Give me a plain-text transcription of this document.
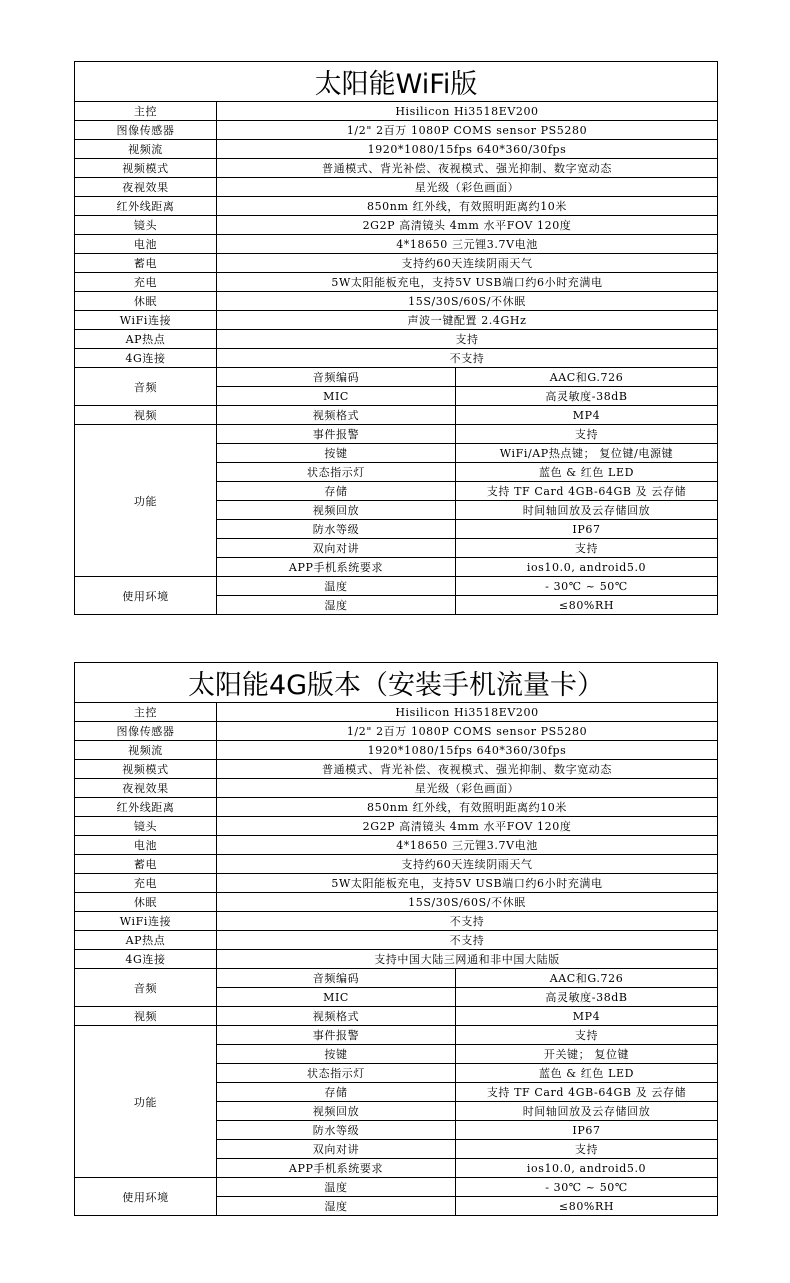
太阳能WiFi版		
主控	Hisilicon Hi3518EV200	
图像传感器	1/2" 2百万 1080P COMS sensor PS5280	
视频流	1920*1080/15fps 640*360/30fps	
视频模式	普通模式、背光补偿、夜视模式、强光抑制、数字宽动态	
夜视效果	星光级（彩色画面）	
红外线距离	850nm 红外线，有效照明距离约10米	
镜头	2G2P 高清镜头 4mm 水平FOV 120度	
电池	4*18650 三元锂3.7V电池	
蓄电	支持约60天连续阴雨天气	
充电	5W太阳能板充电，支持5V USB端口约6小时充满电	
休眠	15S/30S/60S/不休眠	
WiFi连接	声波一键配置 2.4GHz	
AP热点	支持	
4G连接	不支持	
音频	音频编码	AAC和G.726
	MIC	高灵敏度-38dB
视频	视频格式	MP4
功能	事件报警	支持
	按键	WiFi/AP热点键； 复位键/电源键
	状态指示灯	蓝色 & 红色 LED
	存储	支持 TF Card 4GB-64GB 及 云存储
	视频回放	时间轴回放及云存储回放
	防水等级	IP67
	双向对讲	支持
	APP手机系统要求	ios10.0, android5.0
使用环境	温度	- 30℃ ~ 50℃
	湿度	≤80%RH
太阳能4G版本（安装手机流量卡）		
主控	Hisilicon Hi3518EV200	
图像传感器	1/2" 2百万 1080P COMS sensor PS5280	
视频流	1920*1080/15fps 640*360/30fps	
视频模式	普通模式、背光补偿、夜视模式、强光抑制、数字宽动态	
夜视效果	星光级（彩色画面）	
红外线距离	850nm 红外线，有效照明距离约10米	
镜头	2G2P 高清镜头 4mm 水平FOV 120度	
电池	4*18650 三元锂3.7V电池	
蓄电	支持约60天连续阴雨天气	
充电	5W太阳能板充电，支持5V USB端口约6小时充满电	
休眠	15S/30S/60S/不休眠	
WiFi连接	不支持	
AP热点	不支持	
4G连接	支持中国大陆三网通和非中国大陆版	
音频	音频编码	AAC和G.726
	MIC	高灵敏度-38dB
视频	视频格式	MP4
功能	事件报警	支持
	按键	开关键； 复位键
	状态指示灯	蓝色 & 红色 LED
	存储	支持 TF Card 4GB-64GB 及 云存储
	视频回放	时间轴回放及云存储回放
	防水等级	IP67
	双向对讲	支持
	APP手机系统要求	ios10.0, android5.0
使用环境	温度	- 30℃ ~ 50℃
	湿度	≤80%RH
